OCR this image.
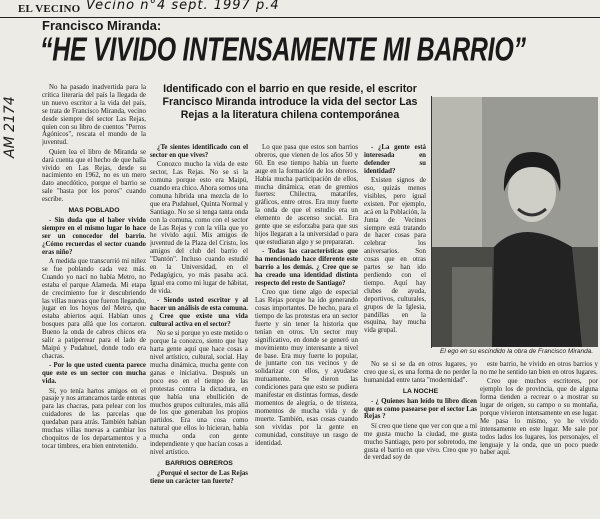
EL VECINO Vecino n°4 sept. 1997 p.4
Francisco Miranda:
“HE VIVIDO INTENSAMENTE MI BARRIO”
Identificado con el barrio en que reside, el escritor Francisco Miranda introduce la vida del sector Las Rejas a la literatura chilena contemporánea
AM 2174

No ha pasado inadvertida para la crítica literaria del país la llegada de un nuevo escritor a la vida del país, se trata de Francisco Miranda, vecino desde siempre del sector Las Rejas, quien con su libro de cuentos "Perros Agónicos", rescata el mundo de la juventud.

Quien lea el libro de Miranda se dará cuenta que el hecho de que halla vivido en Las Rejas, desde su nacimiento en 1962, no es un mero dato anecdótico, porque el barrio se sale "hasta por los poros" cuando escribe.

MAS POBLADO

- Sin duda que el haber vivido siempre en el mismo lugar lo hace ser un conocedor del barrio. ¿Cómo recuerdas el sector cuando eras niño?

A medida que transcurrió mi niñez se fue poblando cada vez más. Cuando yo nací no había Metro, no estaba el parque Alameda. Mi etapa de crecimiento fue ir descubriendo las villas nuevas que fueron llegando, jugar en los hoyos del Metro, que estaba abiertos aquí. Habían unos bosques para allá que los cortaron. Bueno la onda de cabros chicos era salir a patiperrear para el lado de Maipú y Pudahuel, donde todo era chacras.

- Por lo que usted cuenta parece que este es un sector con mucha vida.

Sí, yo tenía hartos amigos en el pasaje y nos arrancamos tarde enteras para las chacras, para pelear con los cuidadores de las parcelas que quedaban para atrás. También habían muchas villas nuevas a cambiar los choquitos de los departamentos y a tocar timbres, era bien entretenido.

¿Te sientes identificado con el sector en que vives?

Conozco mucho la vida de este sector, Las Rejas. No se si la comuna porque esto era Maipú, cuando era chico. Ahora somos una comuna híbrida una mezcla de lo que era Pudahuel, Quinta Normal y Santiago. No se si tenga tanta onda con la comuna, como con el sector de Las Rejas y con la villa que yo he vivido aquí. Mis amigos de juventud de la Plaza del Cristo, los amigos del club del barrio el "Dantón". Incluso cuando estudié en la Universidad, en el Pedagógico, yo más pasaba acá. Igual era como mi lugar de hábitat, de vida.

- Siendo usted escritor y al hacer un análisis de esta comuna. ¿ Cree que existe una vida cultural activa en el sector?

No se si porque yo este metido o porque la conozco, siento que hay harta gente aquí que hace cosas a nivel artístico, cultural, social. Hay mucha dinámica, mucha gente con ganas e iniciativa. Después un poco eso en el tiempo de las protestas contra la dictadura, en que había una ebullición de muchos grupos culturales, más allá de los que generaban los propios partidos. Era una cosa como natural que ellos lo hicieran, había mucha onda con gente independiente y que hacían cosas a nivel artístico.

BARRIOS OBREROS

¿Porqué el sector de Las Rejas tiene un carácter tan fuerte?

Lo que pasa que estos son barrios obreros, que vienen de los años 50 y 60. En ese tiempo había un fuerte auge en la formación de los obreros. Había mucha participación de ellos, mucha dinámica, eran de gremios fuertes: Chilectra, matarifes, gráficos, entre otros. Era muy fuerte la onda de que el estudio era un elemento de ascenso social. Era gente que se esforzaba para que sus hijos llegaran a la universidad o para que estudiaran algo y se prepararan.

- Todas las características que ha mencionado hace diferente este barrio a los demás. ¿ Cree que se ha creado una identidad distinta respecto del resto de Santiago?

Creo que tiene algo de especial Las Rejas porque ha ido generando cosas importantes. De hecho, para el tiempo de las protestas era un sector fuerte y sin tener la historia que tenían en otros. Un sector muy significativo, en donde se generó un movimiento muy interesante a nivel de base. Era muy fuerte lo popular, de juntarte con tus vecinos y de solidarizar con ellos, y ayudarse mutuamente. Se dieron las condiciones para que esto se pudiera manifestar en distintas formas, desde momentos de alegría, o de tristeza, momentos de mucha vida y de muerte. También, esas cosas cuando son vividas por la gente en comunidad, constituye un rasgo de identidad.

- ¿La gente está interesada en defender su identidad?

Existen signos de eso, quizás menos visibles, pero igual existen. Por ejemplo, acá en la Población, la Junta de Vecinos siempre está tratando de hacer cosas para celebrar los aniversarios. Son cosas que en otras partes se han ido perdiendo con el tiempo. Aquí hay clubes de ayuda, deportivos, culturales, grupos de la Iglesia, pandillas en la esquina, hay mucha vida grupal.

No se si se da en otros lugares, yo creo que sí, es una forma de no perder la humanidad entre tanta "modernidad".

LA NOCHE

- ¿ Quienes han leído tu libro dicen que es como pasearse por el sector Las Rejas ?

Sí creo que tiene que ver con que a mi me gusta mucho la ciudad, me gusta mucho Santiago, pero por sobretodo, me gusta el barrio en que vivo. Creo que yo de verdad soy de

este barrio, he vivido en otros barrios y no me he sentido tan bien en otros lugares.

Creo que muchos escritores, por ejemplo los de provincia, que de alguna forma tienden a recrear o a mostrar su lugar de origen, su campo o su montaña, porque vivieron intensamente en ese lugar. Me pasa lo mismo, yo he vivido intensamente en este lugar. Me sale por todos lados los lugares, los personajes, el lenguaje y la onda, que un poco puede haber aquí.

El ego en su escindido la obra de Francisco Miranda.
